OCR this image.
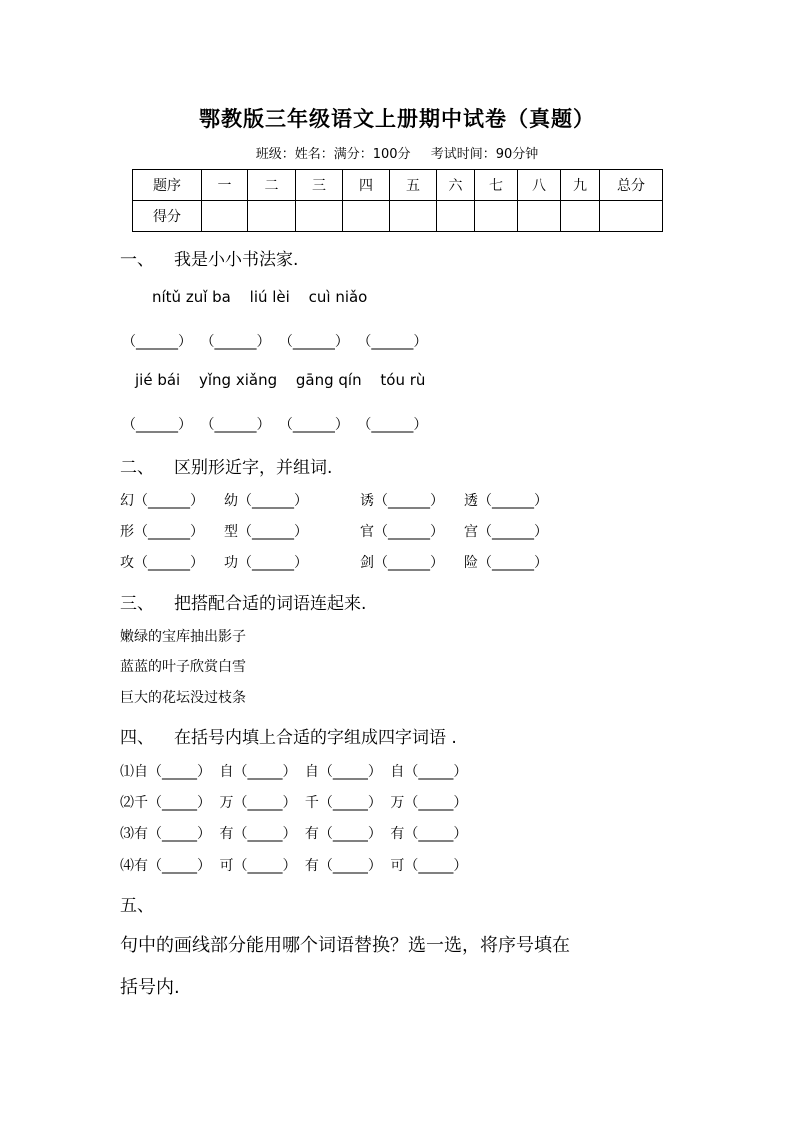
鄂教版三年级语文上册期中试卷（真题）
班级：姓名：满分：100分 考试时间：90分钟
题序	一	二	三	四	五	六	七	八	九	总分
得分										
一、 我是小小书法家.
nítǔ zuǐ ba liú lèi cuì niǎo
（______） （______） （______） （______）
jié bái yǐng xiǎng gāng qín tóu rù
（______） （______） （______） （______）
二、 区别形近字，并组词.
幻（______） 幼（______）	诱（______） 透（______）
形（______） 型（______）	官（______） 宫（______）
攻（______） 功（______）	剑（______） 险（______）
三、 把搭配合适的词语连起来.
嫩绿的宝库抽出影子
蓝蓝的叶子欣赏白雪
巨大的花坛没过枝条
四、 在括号内填上合适的字组成四字词语 .
⑴自（_____） 自（_____） 自（_____） 自（_____）
⑵千（_____） 万（_____） 千（_____） 万（_____）
⑶有（_____） 有（_____） 有（_____） 有（_____）
⑷有（_____） 可（_____） 有（_____） 可（_____）
五、
句中的画线部分能用哪个词语替换？选一选，将序号填在
括号内.
